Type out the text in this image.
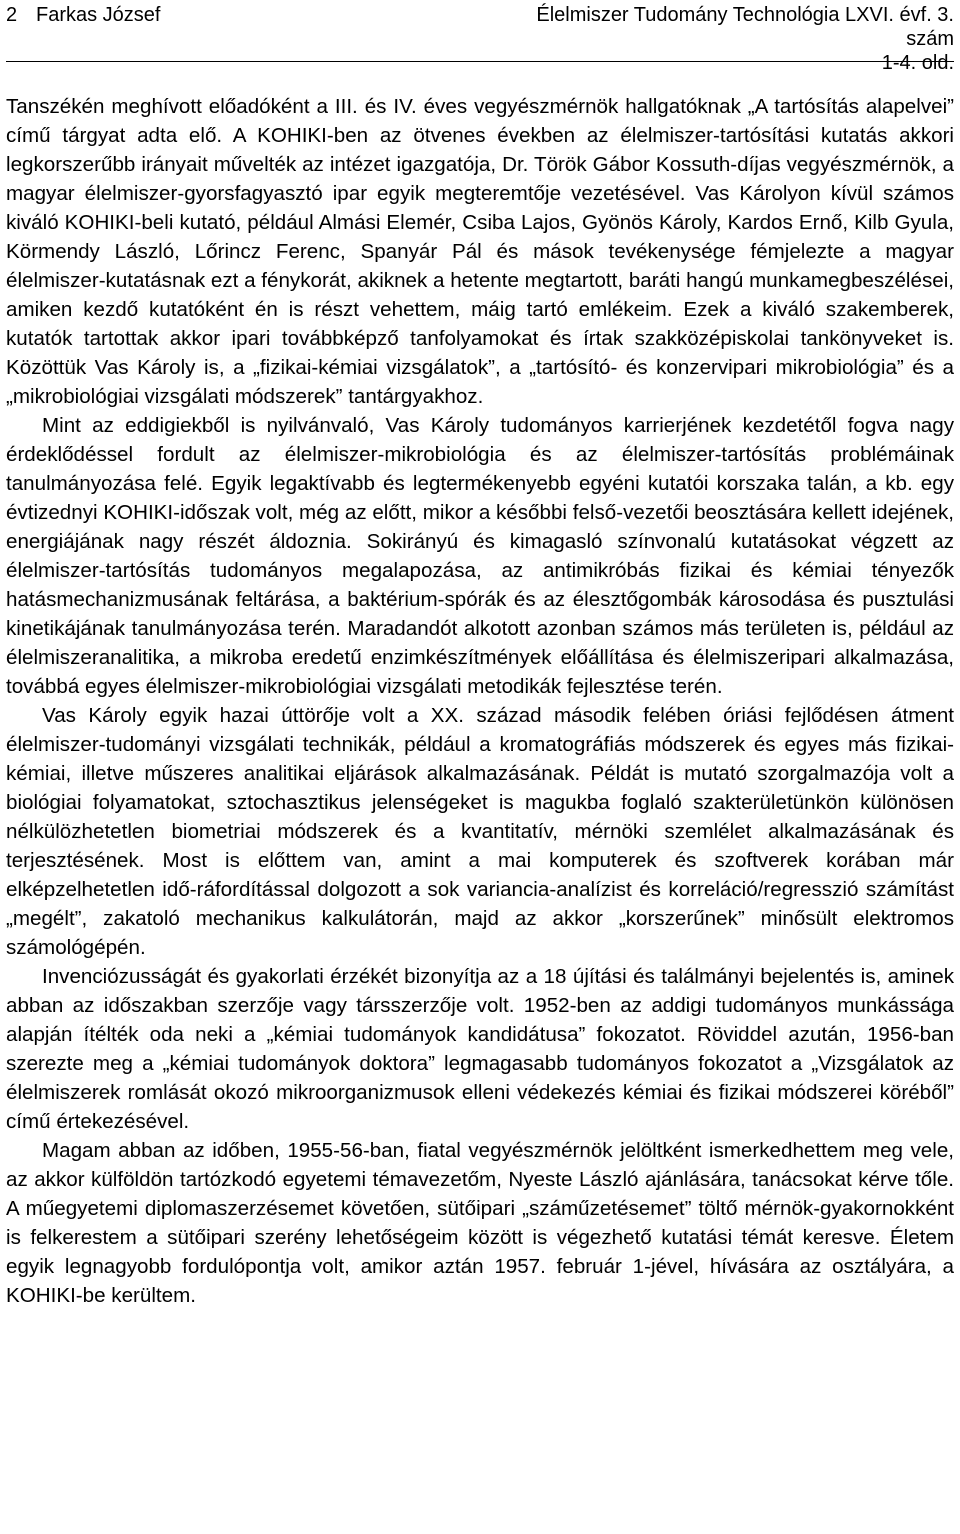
2 Farkas József	Élelmiszer Tudomány Technológia LXVI. évf. 3. szám
1-4. old.

Tanszékén meghívott előadóként a III. és IV. éves vegyészmérnök hallgatóknak „A tartósítás alapelvei” című tárgyat adta elő. A KOHIKI-ben az ötvenes években az élelmiszer-tartósítási kutatás akkori legkorszerűbb irányait művelték az intézet igazgatója, Dr. Török Gábor Kossuth-díjas vegyészmérnök, a magyar élelmiszer-gyorsfagyasztó ipar egyik megteremtője vezetésével. Vas Károlyon kívül számos kiváló KOHIKI-beli kutató, például Almási Elemér, Csiba Lajos, Gyönös Károly, Kardos Ernő, Kilb Gyula, Körmendy László, Lőrincz Ferenc, Spanyár Pál és mások tevékenysége fémjelezte a magyar élelmiszer-kutatásnak ezt a fénykorát, akiknek a hetente megtartott, baráti hangú munkamegbeszélései, amiken kezdő kutatóként én is részt vehettem, máig tartó emlékeim. Ezek a kiváló szakemberek, kutatók tartottak akkor ipari továbbképző tanfolyamokat és írtak szakközépiskolai tankönyveket is. Közöttük Vas Károly is, a „fizikai-kémiai vizsgálatok”, a „tartósító- és konzervipari mikrobiológia” és a „mikrobiológiai vizsgálati módszerek” tantárgyakhoz.

Mint az eddigiekből is nyilvánvaló, Vas Károly tudományos karrierjének kezdetétől fogva nagy érdeklődéssel fordult az élelmiszer-mikrobiológia és az élelmiszer-tartósítás problémáinak tanulmányozása felé. Egyik legaktívabb és legtermékenyebb egyéni kutatói korszaka talán, a kb. egy évtizednyi KOHIKI-időszak volt, még az előtt, mikor a későbbi felső-vezetői beosztására kellett idejének, energiájának nagy részét áldoznia. Sokirányú és kimagasló színvonalú kutatásokat végzett az élelmiszer-tartósítás tudományos megalapozása, az antimikróbás fizikai és kémiai tényezők hatásmechanizmusának feltárása, a baktérium-spórák és az élesztőgombák károsodása és pusztulási kinetikájának tanulmányozása terén. Maradandót alkotott azonban számos más területen is, például az élelmiszeranalitika, a mikroba eredetű enzimkészítmények előállítása és élelmiszeripari alkalmazása, továbbá egyes élelmiszer-mikrobiológiai vizsgálati metodikák fejlesztése terén.

Vas Károly egyik hazai úttörője volt a XX. század második felében óriási fejlődésen átment élelmiszer-tudományi vizsgálati technikák, például a kromatográfiás módszerek és egyes más fizikai-kémiai, illetve műszeres analitikai eljárások alkalmazásának. Példát is mutató szorgalmazója volt a biológiai folyamatokat, sztochasztikus jelenségeket is magukba foglaló szakterületünkön különösen nélkülözhetetlen biometriai módszerek és a kvantitatív, mérnöki szemlélet alkalmazásának és terjesztésének. Most is előttem van, amint a mai komputerek és szoftverek korában már elképzelhetetlen idő-ráfordítással dolgozott a sok variancia-analízist és korreláció/regresszió számítást „megélt”, zakatoló mechanikus kalkulátorán, majd az akkor „korszerűnek” minősült elektromos számológépén.

Invenciózusságát és gyakorlati érzékét bizonyítja az a 18 újítási és találmányi bejelentés is, aminek abban az időszakban szerzője vagy társszerzője volt. 1952-ben az addigi tudományos munkássága alapján ítélték oda neki a „kémiai tudományok kandidátusa” fokozatot. Röviddel azután, 1956-ban szerezte meg a „kémiai tudományok doktora” legmagasabb tudományos fokozatot a „Vizsgálatok az élelmiszerek romlását okozó mikroorganizmusok elleni védekezés kémiai és fizikai módszerei köréből” című értekezésével.

Magam abban az időben, 1955-56-ban, fiatal vegyészmérnök jelöltként ismerkedhettem meg vele, az akkor külföldön tartózkodó egyetemi témavezetőm, Nyeste László ajánlására, tanácsokat kérve tőle. A műegyetemi diplomaszerzésemet követően, sütőipari „száműzetésemet” töltő mérnök-gyakornokként is felkerestem a sütőipari szerény lehetőségeim között is végezhető kutatási témát keresve. Életem egyik legnagyobb fordulópontja volt, amikor aztán 1957. február 1-jével, hívására az osztályára, a KOHIKI-be kerültem.
